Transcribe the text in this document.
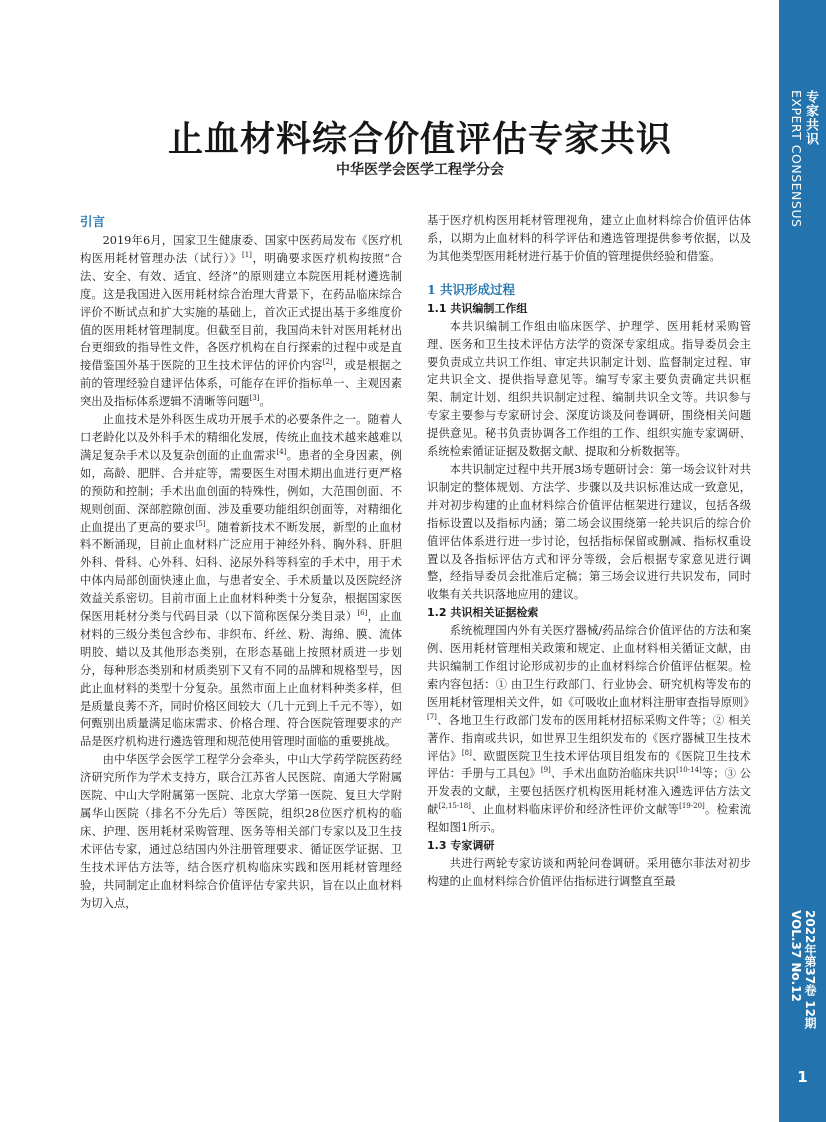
专家共识
EXPERT CONSENSUS
2022年第37卷 12期
VOL.37 No.12
1
止血材料综合价值评估专家共识
中华医学会医学工程学分会
引言

2019年6月，国家卫生健康委、国家中医药局发布《医疗机构医用耗材管理办法（试行）》[1]，明确要求医疗机构按照“合法、安全、有效、适宜、经济”的原则建立本院医用耗材遴选制度。这是我国进入医用耗材综合治理大背景下，在药品临床综合评价不断试点和扩大实施的基础上，首次正式提出基于多维度价值的医用耗材管理制度。但截至目前，我国尚未针对医用耗材出台更细致的指导性文件，各医疗机构在自行探索的过程中或是直接借鉴国外基于医院的卫生技术评估的评价内容[2]，或是根据之前的管理经验自建评估体系，可能存在评价指标单一、主观因素突出及指标体系逻辑不清晰等问题[3]。

止血技术是外科医生成功开展手术的必要条件之一。随着人口老龄化以及外科手术的精细化发展，传统止血技术越来越难以满足复杂手术以及复杂创面的止血需求[4]。患者的全身因素，例如，高龄、肥胖、合并症等，需要医生对围术期出血进行更严格的预防和控制；手术出血创面的特殊性，例如，大范围创面、不规则创面、深部腔隙创面、涉及重要功能组织创面等，对精细化止血提出了更高的要求[5]。随着新技术不断发展，新型的止血材料不断涌现，目前止血材料广泛应用于神经外科、胸外科、肝胆外科、骨科、心外科、妇科、泌尿外科等科室的手术中，用于术中体内局部创面快速止血，与患者安全、手术质量以及医院经济效益关系密切。目前市面上止血材料种类十分复杂，根据国家医保医用耗材分类与代码目录（以下简称医保分类目录）[6]，止血材料的三级分类包含纱布、非织布、纤丝、粉、海绵、膜、流体明胶、蜡以及其他形态类别，在形态基础上按照材质进一步划分，每种形态类别和材质类别下又有不同的品牌和规格型号，因此止血材料的类型十分复杂。虽然市面上止血材料种类多样，但是质量良莠不齐，同时价格区间较大（几十元到上千元不等），如何甄别出质量满足临床需求、价格合理、符合医院管理要求的产品是医疗机构进行遴选管理和规范使用管理时面临的重要挑战。

由中华医学会医学工程学分会牵头，中山大学药学院医药经济研究所作为学术支持方，联合江苏省人民医院、南通大学附属医院、中山大学附属第一医院、北京大学第一医院、复旦大学附属华山医院（排名不分先后）等医院，组织28位医疗机构的临床、护理、医用耗材采购管理、医务等相关部门专家以及卫生技术评估专家，通过总结国内外注册管理要求、循证医学证据、卫生技术评估方法等，结合医疗机构临床实践和医用耗材管理经验，共同制定止血材料综合价值评估专家共识，旨在以止血材料为切入点，

基于医疗机构医用耗材管理视角，建立止血材料综合价值评估体系，以期为止血材料的科学评估和遴选管理提供参考依据，以及为其他类型医用耗材进行基于价值的管理提供经验和借鉴。

1 共识形成过程
1.1 共识编制工作组

本共识编制工作组由临床医学、护理学、医用耗材采购管理、医务和卫生技术评估方法学的资深专家组成。指导委员会主要负责成立共识工作组、审定共识制定计划、监督制定过程、审定共识全文、提供指导意见等。编写专家主要负责确定共识框架、制定计划、组织共识制定过程、编制共识全文等。共识参与专家主要参与专家研讨会、深度访谈及问卷调研，围绕相关问题提供意见。秘书负责协调各工作组的工作、组织实施专家调研、系统检索循证证据及数据文献、提取和分析数据等。

本共识制定过程中共开展3场专题研讨会：第一场会议针对共识制定的整体规划、方法学、步骤以及共识标准达成一致意见，并对初步构建的止血材料综合价值评估框架进行建议，包括各级指标设置以及指标内涵；第二场会议围绕第一轮共识后的综合价值评估体系进行进一步讨论，包括指标保留或删减、指标权重设置以及各指标评估方式和评分等级，会后根据专家意见进行调整，经指导委员会批准后定稿；第三场会议进行共识发布，同时收集有关共识落地应用的建议。

1.2 共识相关证据检索

系统梳理国内外有关医疗器械/药品综合价值评估的方法和案例、医用耗材管理相关政策和规定、止血材料相关循证文献，由共识编制工作组讨论形成初步的止血材料综合价值评估框架。检索内容包括：① 由卫生行政部门、行业协会、研究机构等发布的医用耗材管理相关文件，如《可吸收止血材料注册审查指导原则》[7]、各地卫生行政部门发布的医用耗材招标采购文件等；② 相关著作、指南或共识，如世界卫生组织发布的《医疗器械卫生技术评估》[8]、欧盟医院卫生技术评估项目组发布的《医院卫生技术评估：手册与工具包》[9]、手术出血防治临床共识[10-14]等；③ 公开发表的文献，主要包括医疗机构医用耗材准入遴选评估方法文献[2,15-18]、止血材料临床评价和经济性评价文献等[19-20]。检索流程如图1所示。

1.3 专家调研

共进行两轮专家访谈和两轮问卷调研。采用德尔菲法对初步构建的止血材料综合价值评估指标进行调整直至最
